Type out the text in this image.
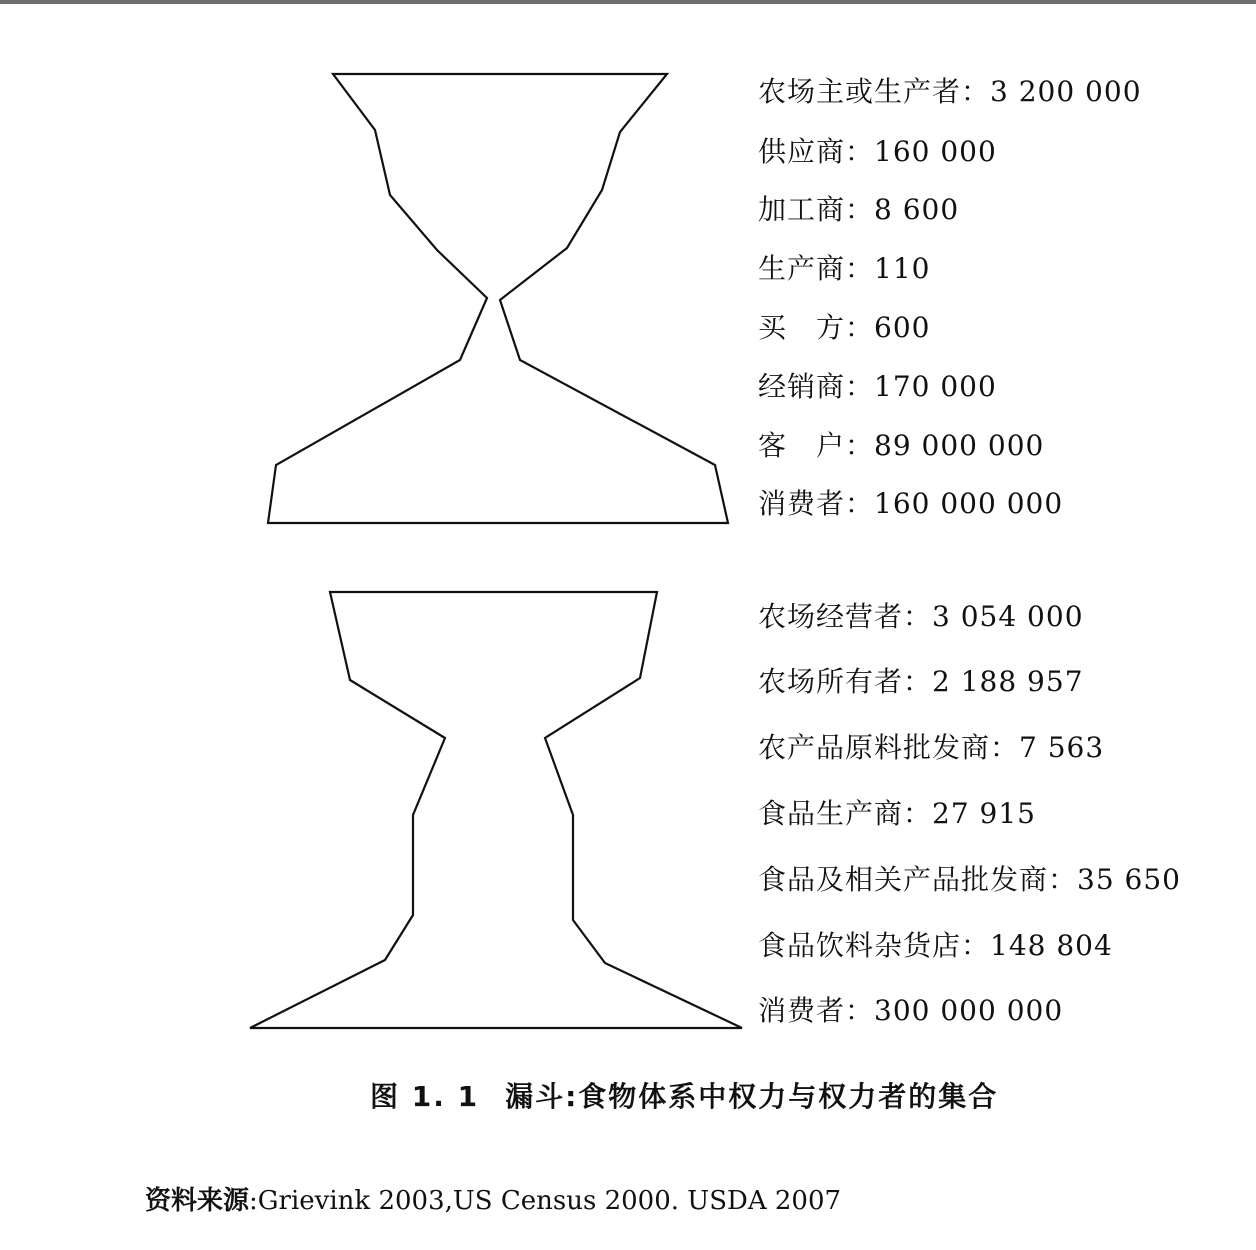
农场主或生产者：3 200 000
供应商：160 000
加工商：8 600
生产商：110
买　方：600
经销商：170 000
客　户：89 000 000
消费者：160 000 000
农场经营者：3 054 000
农场所有者：2 188 957
农产品原料批发商：7 563
食品生产商：27 915
食品及相关产品批发商：35 650
食品饮料杂货店：148 804
消费者：300 000 000
图 1. 1 漏斗:食物体系中权力与权力者的集合
资料来源:Grievink 2003,US Census 2000. USDA 2007
